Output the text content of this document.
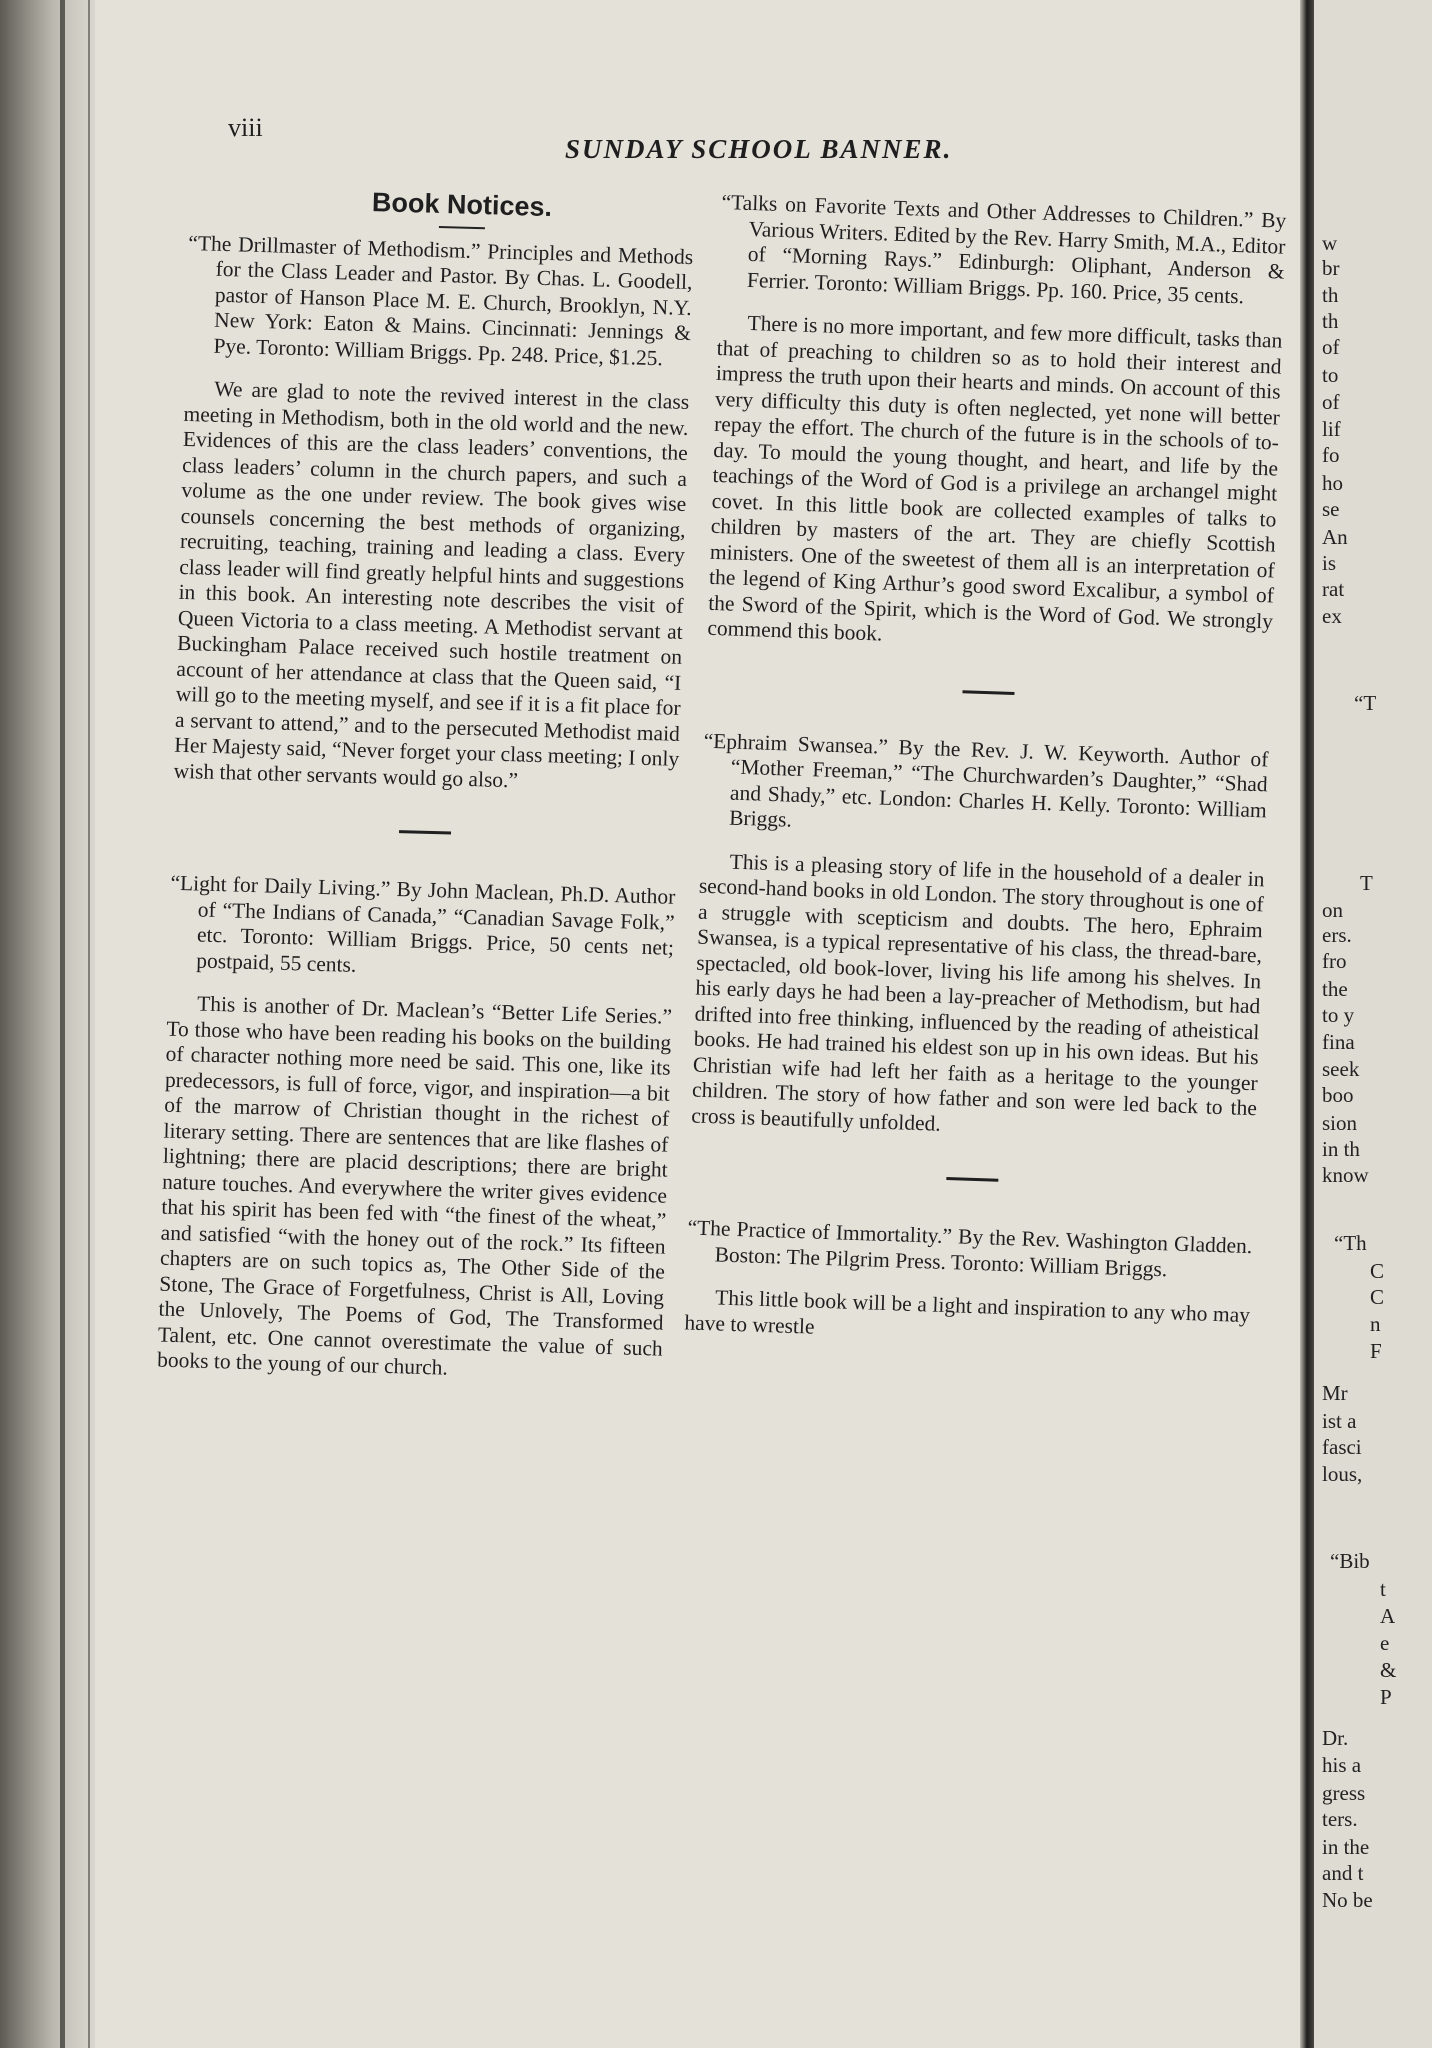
viii
SUNDAY SCHOOL BANNER.
Book Notices.

“The Drillmaster of Methodism.” Principles and Methods for the Class Leader and Pastor. By Chas. L. Goodell, pastor of Hanson Place M. E. Church, Brooklyn, N.Y. New York: Eaton & Mains. Cincinnati: Jennings & Pye. Toronto: William Briggs. Pp. 248. Price, $1.25.

We are glad to note the revived interest in the class meeting in Methodism, both in the old world and the new. Evidences of this are the class leaders’ conventions, the class leaders’ column in the church papers, and such a volume as the one under review. The book gives wise counsels concerning the best methods of organizing, recruiting, teaching, training and leading a class. Every class leader will find greatly helpful hints and suggestions in this book. An interesting note describes the visit of Queen Victoria to a class meeting. A Methodist servant at Buckingham Palace received such hostile treatment on account of her attendance at class that the Queen said, “I will go to the meeting myself, and see if it is a fit place for a servant to attend,” and to the persecuted Methodist maid Her Majesty said, “Never forget your class meeting; I only wish that other servants would go also.”

“Light for Daily Living.” By John Maclean, Ph.D. Author of “The Indians of Canada,” “Canadian Savage Folk,” etc. Toronto: William Briggs. Price, 50 cents net; postpaid, 55 cents.

This is another of Dr. Maclean’s “Better Life Series.” To those who have been reading his books on the building of character nothing more need be said. This one, like its predecessors, is full of force, vigor, and inspiration—a bit of the marrow of Christian thought in the richest of literary setting. There are sentences that are like flashes of lightning; there are placid descriptions; there are bright nature touches. And everywhere the writer gives evidence that his spirit has been fed with “the finest of the wheat,” and satisfied “with the honey out of the rock.” Its fifteen chapters are on such topics as, The Other Side of the Stone, The Grace of Forgetfulness, Christ is All, Loving the Unlovely, The Poems of God, The Transformed Talent, etc. One cannot overestimate the value of such books to the young of our church.

“Talks on Favorite Texts and Other Addresses to Children.” By Various Writers. Edited by the Rev. Harry Smith, M.A., Editor of “Morning Rays.” Edinburgh: Oliphant, Anderson & Ferrier. Toronto: William Briggs. Pp. 160. Price, 35 cents.

There is no more important, and few more difficult, tasks than that of preaching to children so as to hold their interest and impress the truth upon their hearts and minds. On account of this very difficulty this duty is often neglected, yet none will better repay the effort. The church of the future is in the schools of to-day. To mould the young thought, and heart, and life by the teachings of the Word of God is a privilege an archangel might covet. In this little book are collected examples of talks to children by masters of the art. They are chiefly Scottish ministers. One of the sweetest of them all is an interpretation of the legend of King Arthur’s good sword Excalibur, a symbol of the Sword of the Spirit, which is the Word of God. We strongly commend this book.

“Ephraim Swansea.” By the Rev. J. W. Keyworth. Author of “Mother Freeman,” “The Churchwarden’s Daughter,” “Shad and Shady,” etc. London: Charles H. Kelly. Toronto: William Briggs.

This is a pleasing story of life in the household of a dealer in second-hand books in old London. The story throughout is one of a struggle with scepticism and doubts. The hero, Ephraim Swansea, is a typical representative of his class, the thread-bare, spectacled, old book-lover, living his life among his shelves. In his early days he had been a lay-preacher of Methodism, but had drifted into free thinking, influenced by the reading of atheistical books. He had trained his eldest son up in his own ideas. But his Christian wife had left her faith as a heritage to the younger children. The story of how father and son were led back to the cross is beautifully unfolded.

“The Practice of Immortality.” By the Rev. Washington Gladden. Boston: The Pilgrim Press. Toronto: William Briggs.

This little book will be a light and inspiration to any who may have to wrestle

w
br
th
th
of
to
of
lif
fo
ho
se
An
is
rat
ex
“T
T
on
ers.
fro
the
to y
fina
seek
boo
sion
in th
know
“Th
C
C
n
F
Mr
ist a
fasci
lous,
“Bib
t
A
e
&
P
Dr.
his a
gress
ters.
in the
and t
No be
